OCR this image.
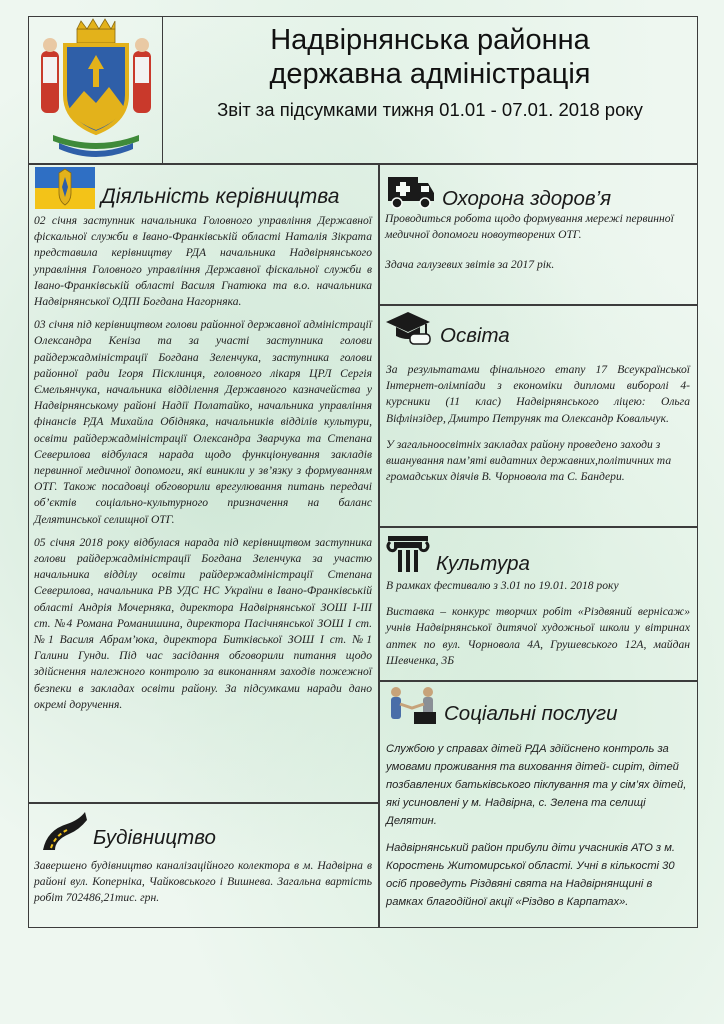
Надвірнянська районна
державна адміністрація
Звіт за підсумками тижня 01.01 - 07.01. 2018 року
Діяльність керівництва

02 січня заступник начальника Головного управління Державної фіскальної служби в Івано-Франківській області Наталія Зікрата представила керівництву РДА начальника Надвірнянського управління Головного управління Державної фіскальної служби в Івано-Франківській області Василя Гнатюка та в.о. начальника Надвірнянської ОДПІ Богдана Нагорняка.

03 січня під керівництвом голови районної державної адміністрації Олександра Кеніза та за участі заступника голови райдержадміністрації Богдана Зеленчука, заступника голови районної ради Ігоря Пісклинця, головного лікаря ЦРЛ Сергія Ємельянчука, начальника відділення Державного казначейства у Надвірнянському районі Надії Полатайко, начальника управління фінансів РДА Михайла Обідняка, начальників відділів культури, освіти райдержадміністрації Олександра Зварчука та Степана Северилова відбулася нарада щодо функціонування закладів первинної медичної допомоги, які виникли у зв’язку з формуванням ОТГ. Також посадовці обговорили врегулювання питань передачі об’єктів соціально-культурного призначення на баланс Делятинської селищної ОТГ.

05 січня 2018 року відбулася нарада під керівництвом заступника голови райдержадміністрації Богдана Зеленчука за участю начальника відділу освіти райдержадміністрації Степана Северилова, начальника РВ УДС НС України в Івано-Франківській області Андрія Мочерняка, директора Надвірнянської ЗОШ І-ІІІ ст. №4 Романа Романишина, директора Пасічнянської ЗОШ І ст. №1 Василя Абрам’юка, директора Битківської ЗОШ І ст. №1 Галини Гунди. Під час засідання обговорили питання щодо здійснення належного контролю за виконанням заходів пожежної безпеки в закладах освіти району. За підсумками наради дано окремі доручення.

Будівництво

Завершено будівництво каналізаційного колектора в м. Надвірна в районі вул. Коперніка, Чайковського і Вишнева. Загальна вартість робіт 702486,21тис. грн.

Охорона здоров’я

Проводиться робота щодо формування мережі первинної медичної допомоги новоутворених ОТГ.

Здача галузевих звітів за 2017 рік.

Освіта

За результатами фінального етапу 17 Всеукраїнської Інтернет-олімпіади з економіки дипломи виборолі 4-курсники (11 клас) Надвірнянського ліцею: Ольга Віфлінзідер, Дмитро Петруняк та Олександр Ковальчук.

У загальноосвітніх закладах району проведено заходи з вшанування пам’яті видатних державних,політичних та громадських діячів В. Чорновола та С. Бандери.

Культура

В рамках фестивалю з 3.01 по 19.01. 2018 року

Виставка – конкурс творчих робіт «Різдвяний вернісаж» учнів Надвірнянської дитячої художньої школи у вітринах аптек по вул. Чорновола 4А, Грушевського 12А, майдан Шевченка, 3Б

Соціальні послуги

Службою у справах дітей РДА здійснено контроль за умовами проживання та виховання дітей- сиріт, дітей позбавлених батьківського піклування та у сім’ях дітей, які усиновлені у м. Надвірна, с. Зелена та селищі Делятин.

Надвірнянський район прибули діти учасників АТО з м. Коростень Житомирської області. Учні в кількості 30 осіб проведуть Різдвяні свята на Надвірнянщині в рамках благодійної акції «Різдво в Карпатах».
